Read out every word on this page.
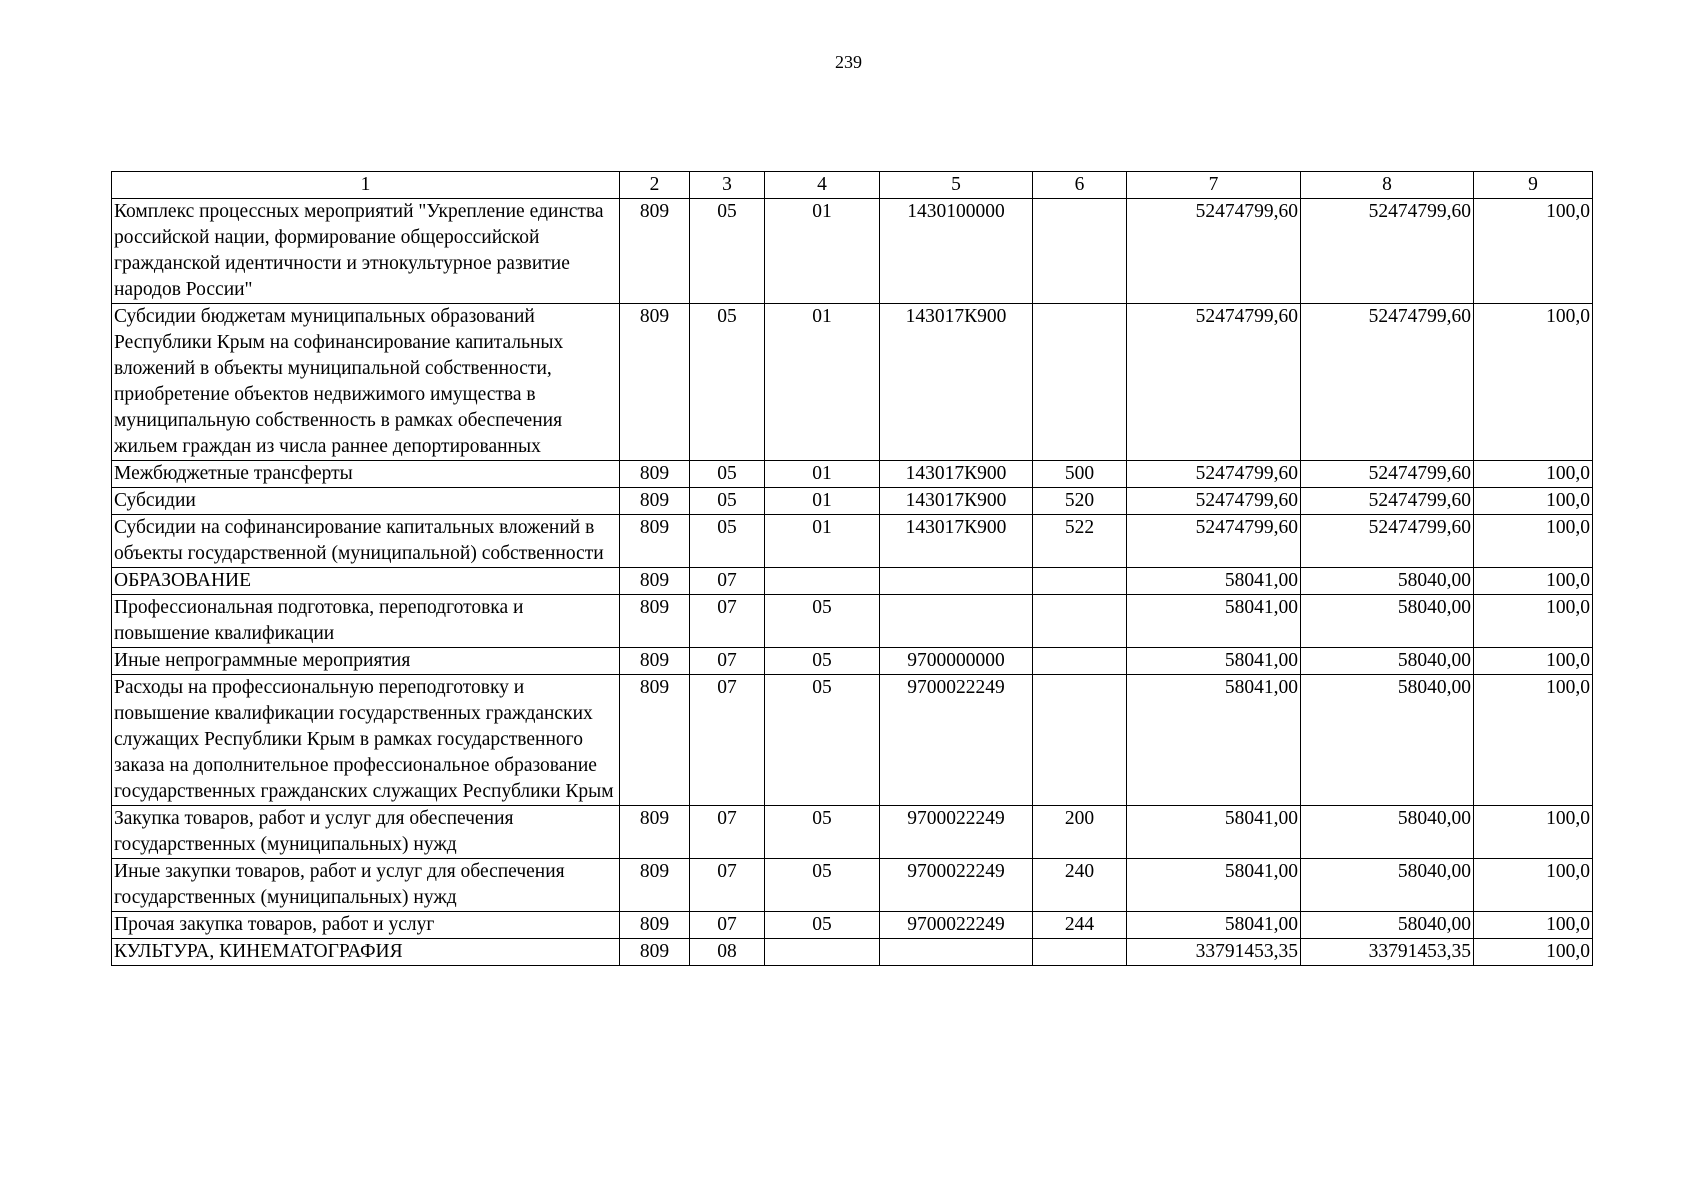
239
1	2	3	4	5	6	7	8	9
Комплекс процессных мероприятий "Укрепление единства российской нации, формирование общероссийской гражданской идентичности и этнокультурное развитие народов России"	809	05	01	1430100000		52474799,60	52474799,60	100,0
Субсидии бюджетам муниципальных образований Республики Крым на софинансирование капитальных вложений в объекты муниципальной собственности, приобретение объектов недвижимого имущества в муниципальную собственность в рамках обеспечения жильем граждан из числа раннее депортированных	809	05	01	143017К900		52474799,60	52474799,60	100,0
Межбюджетные трансферты	809	05	01	143017К900	500	52474799,60	52474799,60	100,0
Субсидии	809	05	01	143017К900	520	52474799,60	52474799,60	100,0
Субсидии на софинансирование капитальных вложений в объекты государственной (муниципальной) собственности	809	05	01	143017К900	522	52474799,60	52474799,60	100,0
ОБРАЗОВАНИЕ	809	07				58041,00	58040,00	100,0
Профессиональная подготовка, переподготовка и повышение квалификации	809	07	05			58041,00	58040,00	100,0
Иные непрограммные мероприятия	809	07	05	9700000000		58041,00	58040,00	100,0
Расходы на профессиональную переподготовку и повышение квалификации государственных гражданских служащих Республики Крым в рамках государственного заказа на дополнительное профессиональное образование государственных гражданских служащих Республики Крым	809	07	05	9700022249		58041,00	58040,00	100,0
Закупка товаров, работ и услуг для обеспечения государственных (муниципальных) нужд	809	07	05	9700022249	200	58041,00	58040,00	100,0
Иные закупки товаров, работ и услуг для обеспечения государственных (муниципальных) нужд	809	07	05	9700022249	240	58041,00	58040,00	100,0
Прочая закупка товаров, работ и услуг	809	07	05	9700022249	244	58041,00	58040,00	100,0
КУЛЬТУРА, КИНЕМАТОГРАФИЯ	809	08				33791453,35	33791453,35	100,0
